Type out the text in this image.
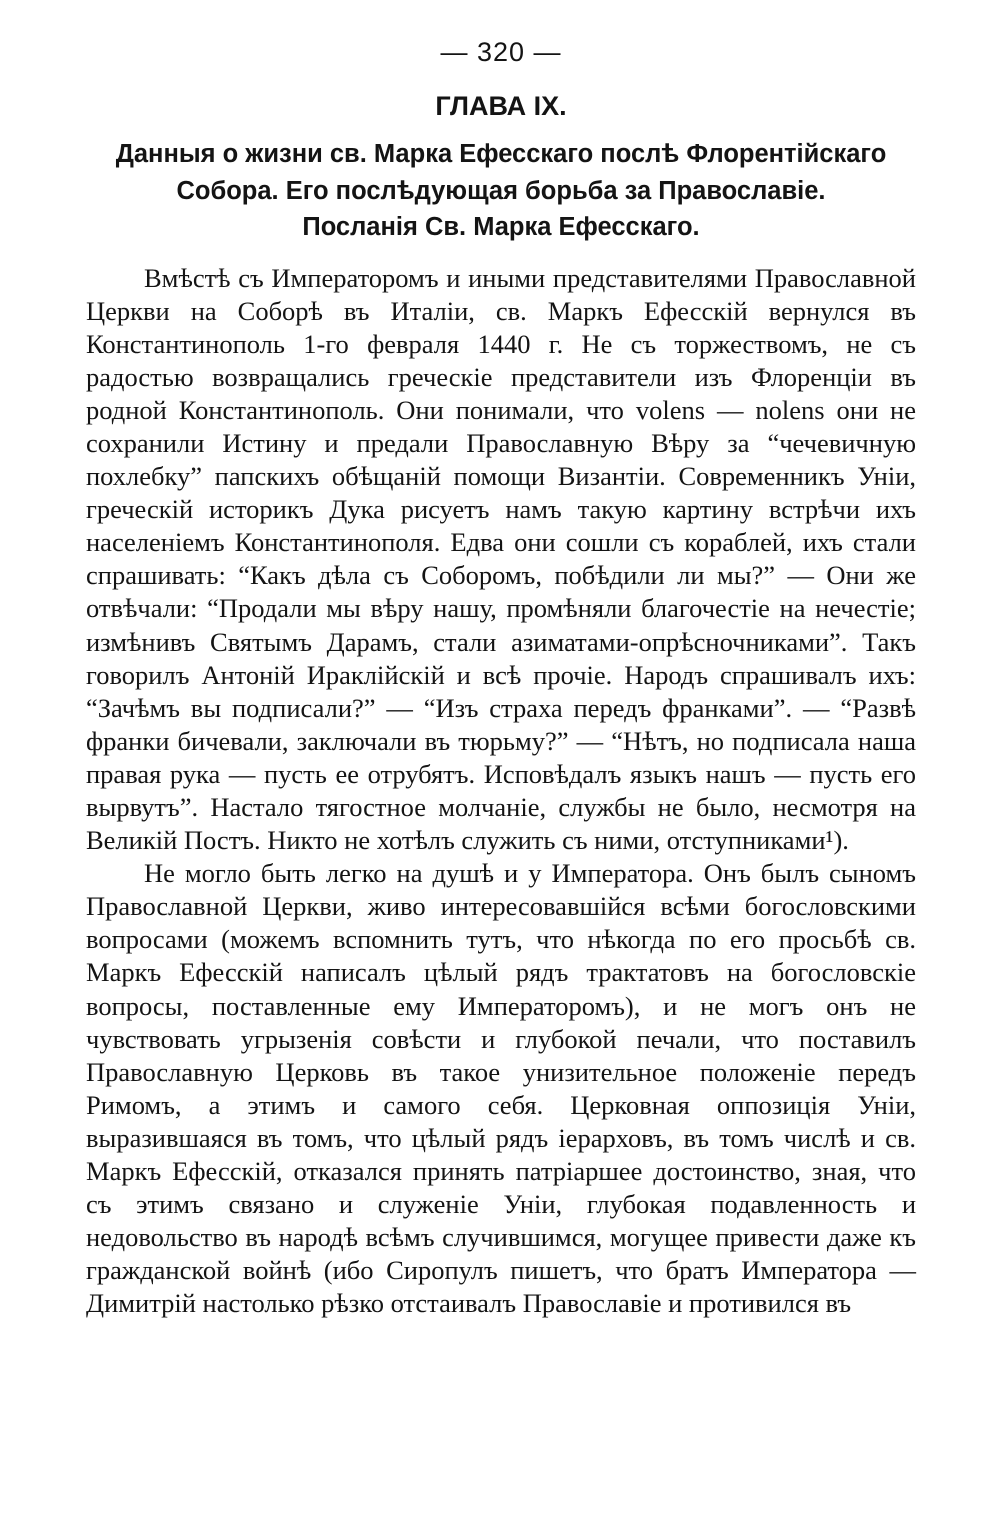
— 320 —
ГЛАВА IX.
Данныя о жизни св. Марка Ефесскаго послѣ Флорентiйскаго
Собора. Его послѣдующая борьба за Православiе.
Посланiя Св. Марка Ефесскаго.

Вмѣстѣ съ Императоромъ и иными представителями Православной Церкви на Соборѣ въ Италiи, св. Маркъ Ефесскiй вернулся въ Константинополь 1-го февраля 1440 г. Не съ торжествомъ, не съ радостью возвращались греческiе представители изъ Флоренцiи въ родной Константинополь. Они понимали, что volens — nolens они не сохранили Истину и предали Православную Вѣру за “чечевичную похлебку” папскихъ обѣщанiй помощи Византiи. Современникъ Унiи, греческiй историкъ Дука рисуетъ намъ такую картину встрѣчи ихъ населенiемъ Константинополя. Едва они сошли съ кораблей, ихъ стали спрашивать: “Какъ дѣла съ Соборомъ, побѣдили ли мы?” — Они же отвѣчали: “Продали мы вѣру нашу, промѣняли благочестiе на нечестiе; измѣнивъ Святымъ Дарамъ, стали азиматами-опрѣсночниками”. Такъ говорилъ Антонiй Ираклiйскiй и всѣ прочiе. Народъ спрашивалъ ихъ: “Зачѣмъ вы подписали?” — “Изъ страха передъ франками”. — “Развѣ франки бичевали, заключали въ тюрьму?” — “Нѣтъ, но подписала наша правая рука — пусть ее отрубятъ. Исповѣдалъ языкъ нашъ — пусть его вырвутъ”. Настало тягостное молчанiе, службы не было, несмотря на Великiй Постъ. Никто не хотѣлъ служить съ ними, отступниками¹).

Не могло быть легко на душѣ и у Императора. Онъ былъ сыномъ Православной Церкви, живо интересовавшiйся всѣми богословскими вопросами (можемъ вспомнить тутъ, что нѣкогда по его просьбѣ св. Маркъ Ефесскiй написалъ цѣлый рядъ трактатовъ на богословскiе вопросы, поставленные ему Императоромъ), и не могъ онъ не чувствовать угрызенiя совѣсти и глубокой печали, что поставилъ Православную Церковь въ такое унизительное положенiе передъ Римомъ, а этимъ и самого себя. Церковная оппозицiя Унiи, выразившаяся въ томъ, что цѣлый рядъ iерарховъ, въ томъ числѣ и св. Маркъ Ефесскiй, отказался принять патрiаршее достоинство, зная, что съ этимъ связано и служенiе Унiи, глубокая подавленность и недовольство въ народѣ всѣмъ случившимся, могущее привести даже къ гражданской войнѣ (ибо Сиропулъ пишетъ, что братъ Императора — Димитрiй настолько рѣзко отстаивалъ Православiе и противился въ
